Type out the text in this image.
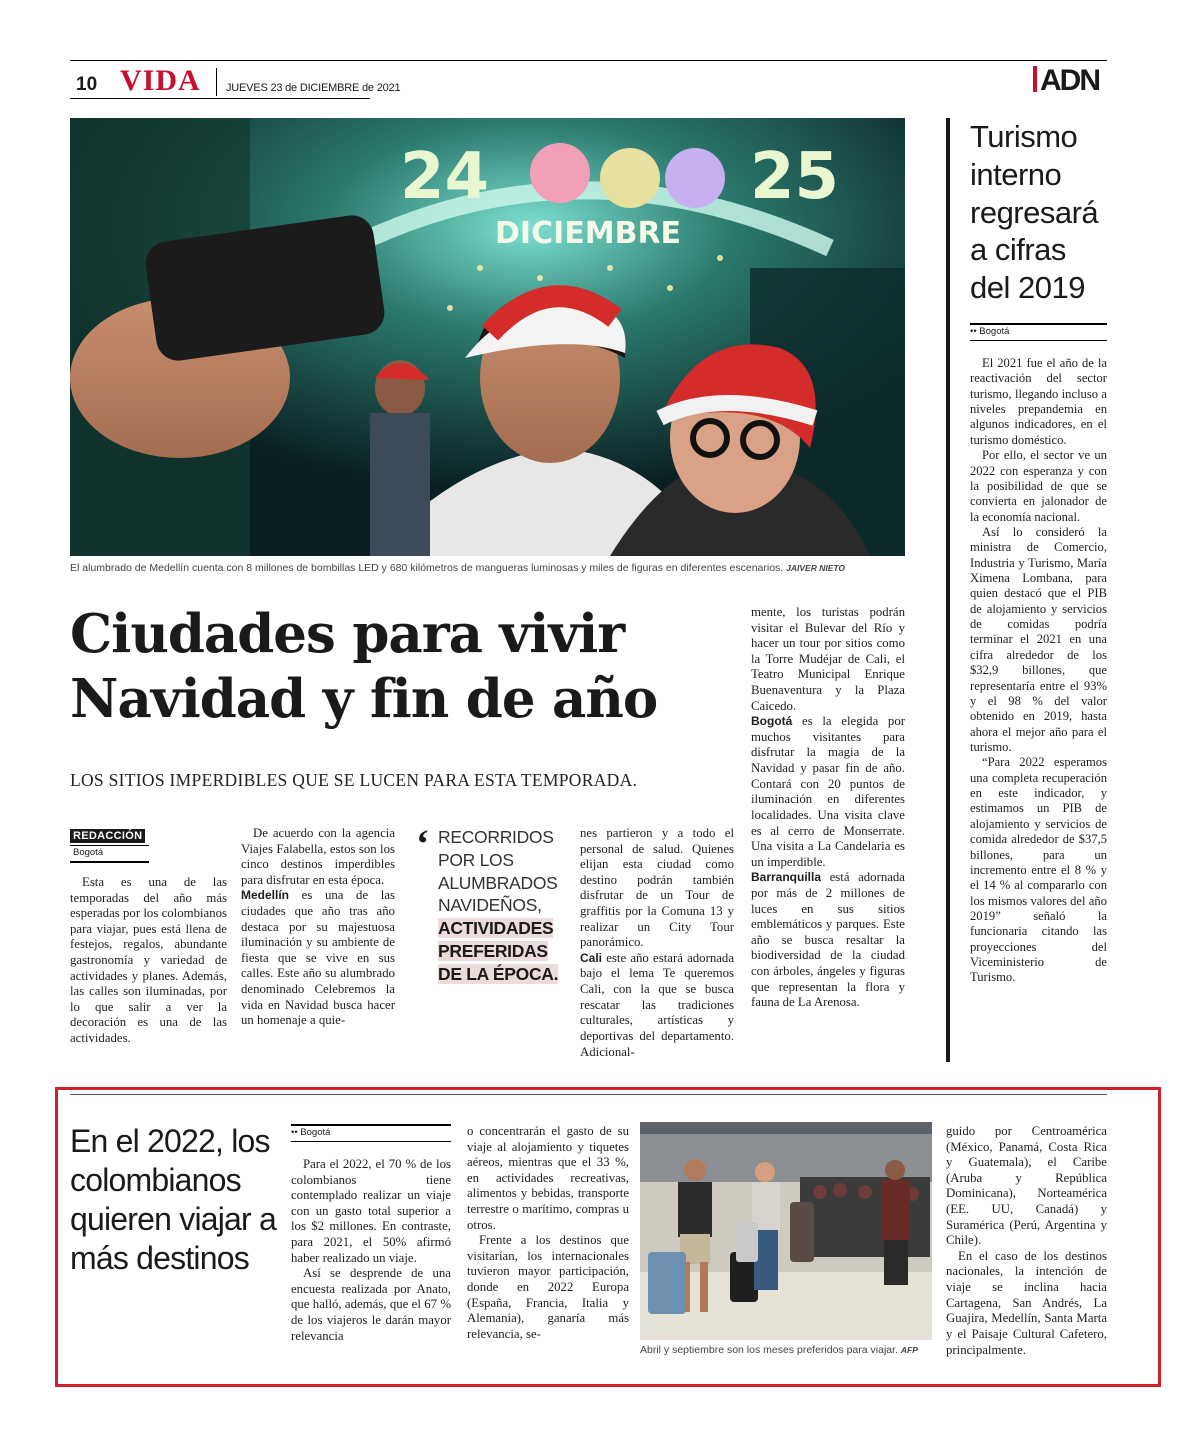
10 VIDA JUEVES 23 de DICIEMBRE de 2021	ADN
24	25
DICIEMBRE
El alumbrado de Medellín cuenta con 8 millones de bombillas LED y 680 kilómetros de mangueras luminosas y miles de figuras en diferentes escenarios. JAIVER NIETO
Ciudades para vivir
Navidad y fin de año
LOS SITIOS IMPERDIBLES QUE SE LUCEN PARA ESTA TEMPORADA.
REDACCIÓN
Bogotá

Esta es una de las temporadas del año más esperadas por los colombianos para viajar, pues está llena de festejos, regalos, abundante gastronomía y variedad de actividades y planes. Además, las calles son iluminadas, por lo que salir a ver la decoración es una de las actividades.

De acuerdo con la agencia Viajes Falabella, estos son los cinco destinos imperdibles para disfrutar en esta época.

Medellín es una de las ciudades que año tras año destaca por su majestuosa iluminación y su ambiente de fiesta que se vive en sus calles. Este año su alumbrado denominado Celebremos la vida en Navidad busca hacer un homenaje a quie-

‘ RECORRIDOS POR LOS ALUMBRADOS NAVIDEÑOS, ACTIVIDADES PREFERIDAS DE LA ÉPOCA.

nes partieron y a todo el personal de salud. Quienes elijan esta ciudad como destino podrán también disfrutar de un Tour de graffitis por la Comuna 13 y realizar un City Tour panorámico.

Cali este año estará adornada bajo el lema Te queremos Cali, con la que se busca rescatar las tradiciones culturales, artísticas y deportivas del departamento. Adicional-

mente, los turistas podrán visitar el Bulevar del Río y hacer un tour por sitios como la Torre Mudéjar de Cali, el Teatro Municipal Enrique Buenaventura y la Plaza Caicedo.

Bogotá es la elegida por muchos visitantes para disfrutar la magia de la Navidad y pasar fin de año. Contará con 20 puntos de iluminación en diferentes localidades. Una visita clave es al cerro de Monserrate. Una visita a La Candelaria es un imperdible.

Barranquilla está adornada por más de 2 millones de luces en sus sitios emblemáticos y parques. Este año se busca resaltar la biodiversidad de la ciudad con árboles, ángeles y figuras que representan la flora y fauna de La Arenosa.

Turismo interno regresará a cifras del 2019
•• Bogotá

El 2021 fue el año de la reactivación del sector turismo, llegando incluso a niveles prepandemia en algunos indicadores, en el turismo doméstico.

Por ello, el sector ve un 2022 con esperanza y con la posibilidad de que se convierta en jalonador de la economía nacional.

Así lo consideró la ministra de Comercio, Industria y Turismo, María Ximena Lombana, para quien destacó que el PIB de alojamiento y servicios de comidas podría terminar el 2021 en una cifra alrededor de los $32,9 billones, que representaría entre el 93% y el 98 % del valor obtenido en 2019, hasta ahora el mejor año para el turismo.

“Para 2022 esperamos una completa recuperación en este indicador, y estimamos un PIB de alojamiento y servicios de comida alrededor de $37,5 billones, para un incremento entre el 8 % y el 14 % al compararlo con los mismos valores del año 2019” señaló la funcionaria citando las proyecciones del Viceministerio de Turismo.

En el 2022, los colombianos quieren viajar a más destinos
•• Bogotá

Para el 2022, el 70 % de los colombianos tiene contemplado realizar un viaje con un gasto total superior a los $2 millones. En contraste, para 2021, el 50% afirmó haber realizado un viaje.

Así se desprende de una encuesta realizada por Anato, que halló, además, que el 67 % de los viajeros le darán mayor relevancia

o concentrarán el gasto de su viaje al alojamiento y tiquetes aéreos, mientras que el 33 %, en actividades recreativas, alimentos y bebidas, transporte terrestre o marítimo, compras u otros.

Frente a los destinos que visitarían, los internacionales tuvieron mayor participación, donde en 2022 Europa (España, Francia, Italia y Alemania), ganaría más relevancia, se-

Abril y septiembre son los meses preferidos para viajar. AFP

guido por Centroamérica (México, Panamá, Costa Rica y Guatemala), el Caribe (Aruba y República Dominicana), Norteamérica (EE. UU, Canadá) y Suramérica (Perú, Argentina y Chile).

En el caso de los destinos nacionales, la intención de viaje se inclina hacia Cartagena, San Andrés, La Guajira, Medellín, Santa Marta y el Paisaje Cultural Cafetero, principalmente.
